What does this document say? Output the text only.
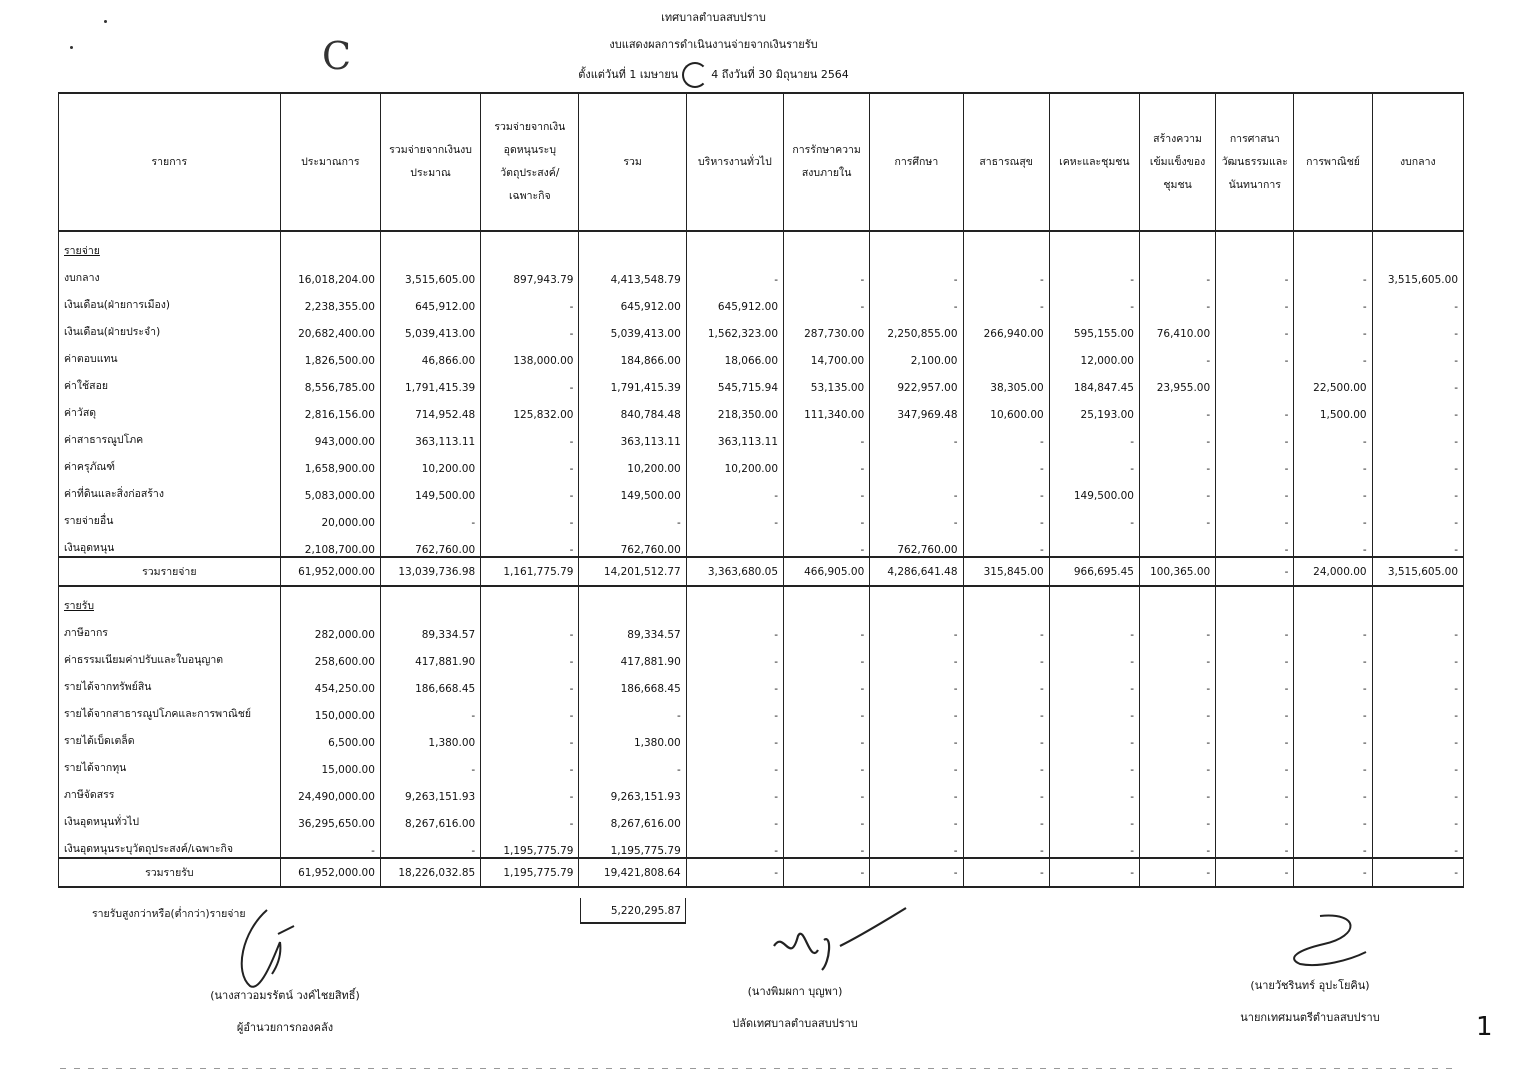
C
เทศบาลตำบลสบปราบ
งบแสดงผลการดำเนินงานจ่ายจากเงินรายรับ
ตั้งแต่วันที่ 1 เมษายน	4 ถึงวันที่ 30 มิถุนายน 2564
รายการ	ประมาณการ	รวมจ่ายจากเงินงบประมาณ	รวมจ่ายจากเงินอุดหนุนระบุวัตถุประสงค์/เฉพาะกิจ	รวม	บริหารงานทั่วไป	การรักษาความสงบภายใน	การศึกษา	สาธารณสุข	เคหะและชุมชน	สร้างความเข้มแข็งของชุมชน	การศาสนาวัฒนธรรมและนันทนาการ	การพาณิชย์	งบกลาง
รายจ่าย													
งบกลาง	16,018,204.00	3,515,605.00	897,943.79	4,413,548.79	-	-	-	-	-	-	-	-	3,515,605.00
เงินเดือน(ฝ่ายการเมือง)	2,238,355.00	645,912.00	-	645,912.00	645,912.00	-	-	-	-	-	-	-	-
เงินเดือน(ฝ่ายประจำ)	20,682,400.00	5,039,413.00	-	5,039,413.00	1,562,323.00	287,730.00	2,250,855.00	266,940.00	595,155.00	76,410.00	-	-	-
ค่าตอบแทน	1,826,500.00	46,866.00	138,000.00	184,866.00	18,066.00	14,700.00	2,100.00		12,000.00	-	-	-	-
ค่าใช้สอย	8,556,785.00	1,791,415.39	-	1,791,415.39	545,715.94	53,135.00	922,957.00	38,305.00	184,847.45	23,955.00		22,500.00	-
ค่าวัสดุ	2,816,156.00	714,952.48	125,832.00	840,784.48	218,350.00	111,340.00	347,969.48	10,600.00	25,193.00	-	-	1,500.00	-
ค่าสาธารณูปโภค	943,000.00	363,113.11	-	363,113.11	363,113.11	-	-	-	-	-	-	-	-
ค่าครุภัณฑ์	1,658,900.00	10,200.00	-	10,200.00	10,200.00	-		-	-	-	-	-	-
ค่าที่ดินและสิ่งก่อสร้าง	5,083,000.00	149,500.00	-	149,500.00	-	-	-	-	149,500.00	-	-	-	-
รายจ่ายอื่น	20,000.00	-	-	-	-	-	-	-	-	-	-	-	-
เงินอุดหนุน	2,108,700.00	762,760.00	-	762,760.00		-	762,760.00	-			-	-	-
รวมรายจ่าย	61,952,000.00	13,039,736.98	1,161,775.79	14,201,512.77	3,363,680.05	466,905.00	4,286,641.48	315,845.00	966,695.45	100,365.00	-	24,000.00	3,515,605.00
รายรับ													
ภาษีอากร	282,000.00	89,334.57	-	89,334.57	-	-	-	-	-	-	-	-	-
ค่าธรรมเนียมค่าปรับและใบอนุญาต	258,600.00	417,881.90	-	417,881.90	-	-	-	-	-	-	-	-	-
รายได้จากทรัพย์สิน	454,250.00	186,668.45	-	186,668.45	-	-	-	-	-	-	-	-	-
รายได้จากสาธารณูปโภคและการพาณิชย์	150,000.00	-	-	-	-	-	-	-	-	-	-	-	-
รายได้เบ็ดเตล็ด	6,500.00	1,380.00	-	1,380.00	-	-	-	-	-	-	-	-	-
รายได้จากทุน	15,000.00	-	-	-	-	-	-	-	-	-	-	-	-
ภาษีจัดสรร	24,490,000.00	9,263,151.93	-	9,263,151.93	-	-	-	-	-	-	-	-	-
เงินอุดหนุนทั่วไป	36,295,650.00	8,267,616.00	-	8,267,616.00	-	-	-	-	-	-	-	-	-
เงินอุดหนุนระบุวัตถุประสงค์/เฉพาะกิจ	-	-	1,195,775.79	1,195,775.79	-	-	-	-	-	-	-	-	-
รวมรายรับ	61,952,000.00	18,226,032.85	1,195,775.79	19,421,808.64	-	-	-	-	-	-	-	-	-
รายรับสูงกว่าหรือ(ต่ำกว่า)รายจ่าย	5,220,295.87
(นางสาวอมรรัตน์ วงค์ไชยสิทธิ์)
ผู้อำนวยการกองคลัง
(นางพิมผกา บุญพา)
ปลัดเทศบาลตำบลสบปราบ
(นายวัชรินทร์ อุปะโยคิน)
นายกเทศมนตรีตำบลสบปราบ	1
